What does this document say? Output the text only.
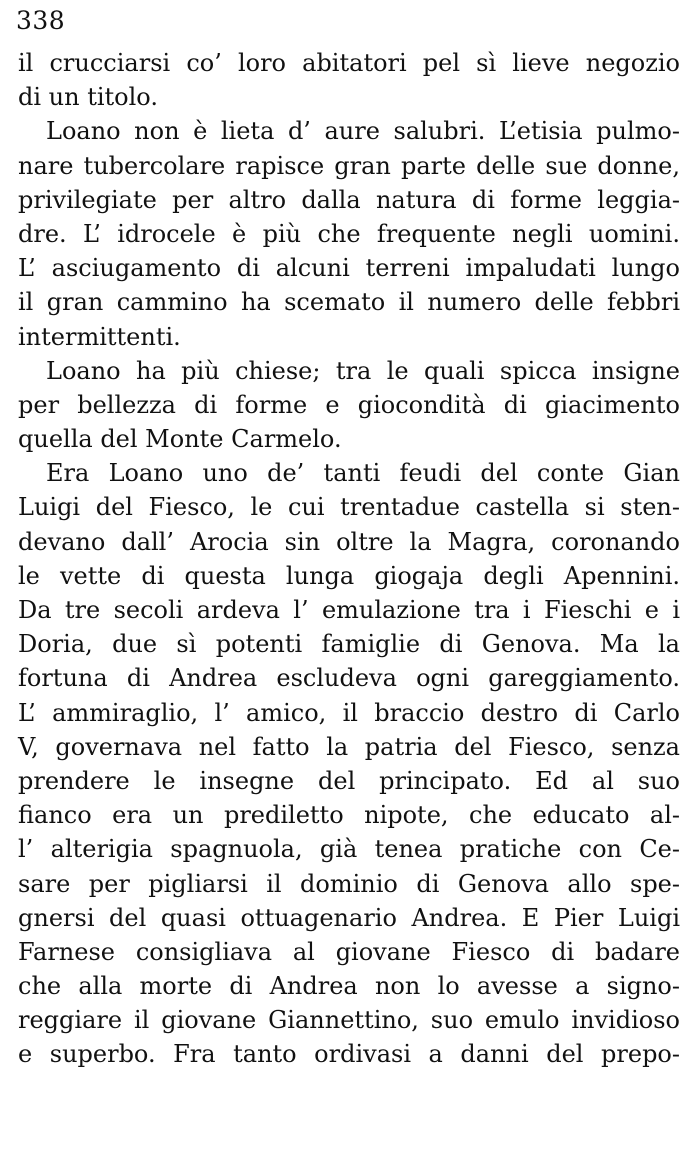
338
il crucciarsi co’ loro abitatori pel sì lieve negozio
di un titolo.
Loano non è lieta d’ aure salubri. L’etisia pulmo-
nare tubercolare rapisce gran parte delle sue donne,
privilegiate per altro dalla natura di forme leggia-
dre. L’ idrocele è più che frequente negli uomini.
L’ asciugamento di alcuni terreni impaludati lungo
il gran cammino ha scemato il numero delle febbri
intermittenti.
Loano ha più chiese; tra le quali spicca insigne
per bellezza di forme e giocondità di giacimento
quella del Monte Carmelo.
Era Loano uno de’ tanti feudi del conte Gian
Luigi del Fiesco, le cui trentadue castella si sten-
devano dall’ Arocia sin oltre la Magra, coronando
le vette di questa lunga giogaja degli Apennini.
Da tre secoli ardeva l’ emulazione tra i Fieschi e i
Doria, due sì potenti famiglie di Genova. Ma la
fortuna di Andrea escludeva ogni gareggiamento.
L’ ammiraglio, l’ amico, il braccio destro di Carlo
V, governava nel fatto la patria del Fiesco, senza
prendere le insegne del principato. Ed al suo
fianco era un prediletto nipote, che educato al-
l’ alterigia spagnuola, già tenea pratiche con Ce-
sare per pigliarsi il dominio di Genova allo spe-
gnersi del quasi ottuagenario Andrea. E Pier Luigi
Farnese consigliava al giovane Fiesco di badare
che alla morte di Andrea non lo avesse a signo-
reggiare il giovane Giannettino, suo emulo invidioso
e superbo. Fra tanto ordivasi a danni del prepo-
